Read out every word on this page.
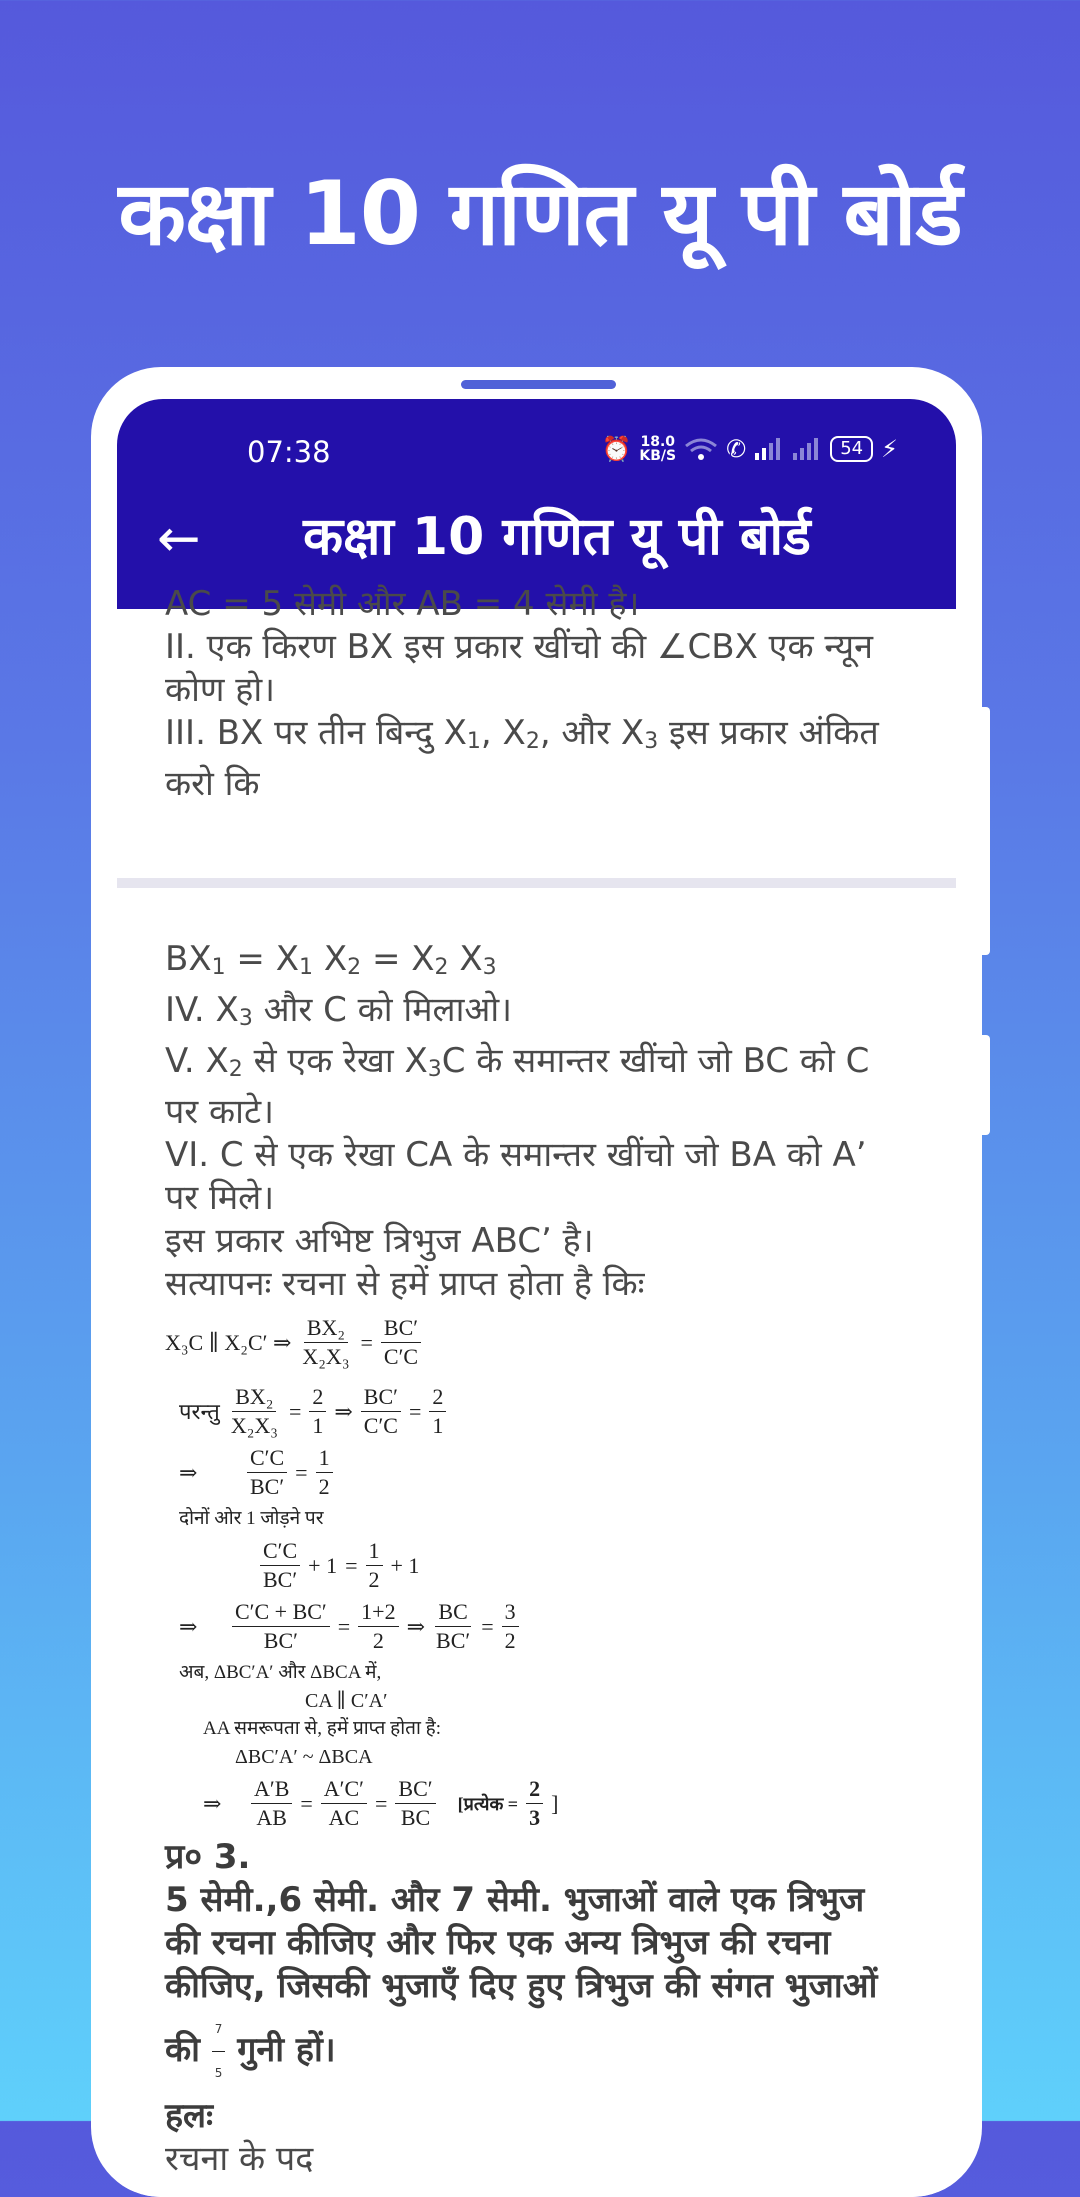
कक्षा 10 गणित यू पी बोर्ड
07:38	⏰ 18.0
KB/S ✆	54 ⚡
←	कक्षा 10 गणित यू पी बोर्ड
AC = 5 सेमी और AB = 4 सेमी है।
II. एक किरण BX इस प्रकार खींचो की ∠CBX एक न्यून कोण हो।
III. BX पर तीन बिन्दु X1, X2, और X3 इस प्रकार अंकित करो कि
BX1 = X1 X2 = X2 X3
IV. X3 और C को मिलाओ।
V. X2 से एक रेखा X3C के समान्तर खींचो जो BC को C पर काटे।
VI. C से एक रेखा CA के समान्तर खींचो जो BA को A’ पर मिले।
इस प्रकार अभिष्ट त्रिभुज ABC’ है।
सत्यापनः रचना से हमें प्राप्त होता है किः
X₃C ∥ X₂C′ ⇒ $\frac{\text{BX₂}}{\text{X₂X₃}} = \frac{BC'}{C'C}$
परन्तु $\frac{\text{BX₂}}{\text{X₂X₃}} = \frac{2}{1}$ ⇒ $\frac{BC'}{C'C} = \frac{2}{1}$
⇒	$\frac{C'C}{BC'} = \frac{1}{2}$
दोनों ओर 1 जोड़ने पर
$\frac{C'C}{BC'} + 1 = \frac{1}{2} + 1$
⇒	$\frac{C'C + BC'}{BC'} = \frac{1+2}{2}$ ⇒ $\frac{BC}{BC'} = \frac{3}{2}$
अब, ΔBC′A′ और ΔBCA में,
CA ∥ C′A′
AA समरूपता से, हमें प्राप्त होता है:
ΔBC′A′ ~ ΔBCA
⇒	$\frac{A'B}{AB} = \frac{A'C'}{AC} = \frac{BC'}{BC}$ [प्रत्येक = $\frac{2}{3}$ ]
प्र० 3.
5 सेमी.,6 सेमी. और 7 सेमी. भुजाओं वाले एक त्रिभुज की रचना कीजिए और फिर एक अन्य त्रिभुज की रचना कीजिए, जिसकी भुजाएँ दिए हुए त्रिभुज की संगत भुजाओं की $\frac{7}{5}$ गुनी हों।
हलः
रचना के पद
